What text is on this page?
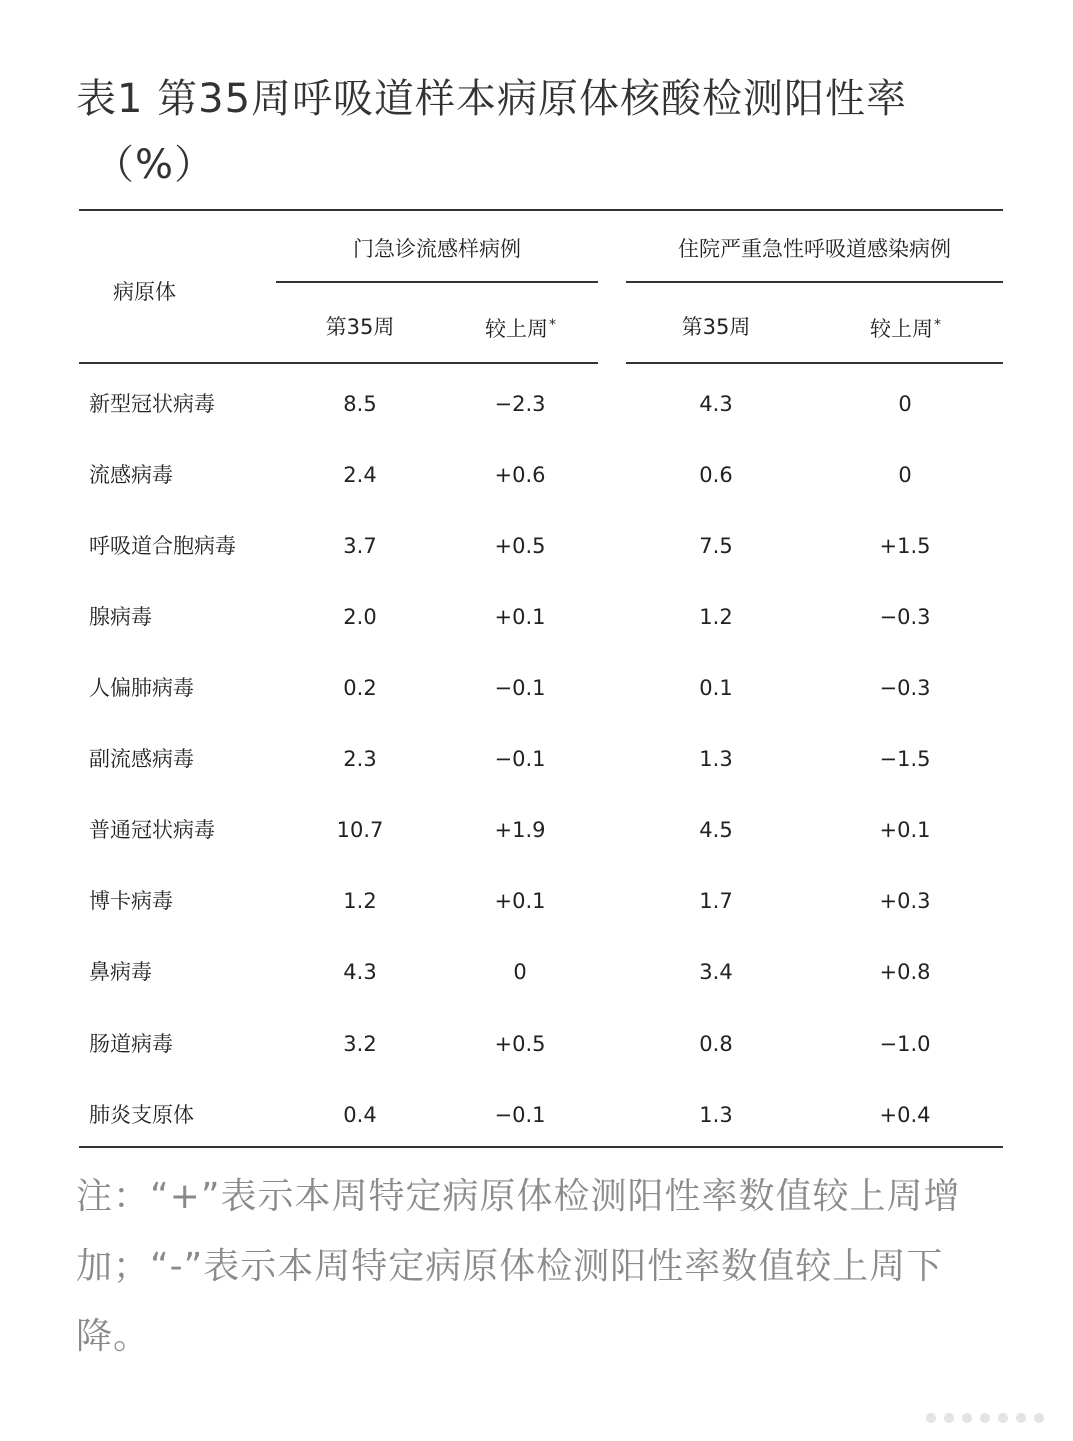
表1 第35周呼吸道样本病原体核酸检测阳性率
（%）
病原体
门急诊流感样病例	住院严重急性呼吸道感染病例
第35周	较上周*	第35周	较上周*
新型冠状病毒	8.5	−2.3	4.3	0
流感病毒	2.4	+0.6	0.6	0
呼吸道合胞病毒	3.7	+0.5	7.5	+1.5
腺病毒	2.0	+0.1	1.2	−0.3
人偏肺病毒	0.2	−0.1	0.1	−0.3
副流感病毒	2.3	−0.1	1.3	−1.5
普通冠状病毒	10.7	+1.9	4.5	+0.1
博卡病毒	1.2	+0.1	1.7	+0.3
鼻病毒	4.3	0	3.4	+0.8
肠道病毒	3.2	+0.5	0.8	−1.0
肺炎支原体	0.4	−0.1	1.3	+0.4

注：“+”表示本周特定病原体检测阳性率数值较上周增加；“-”表示本周特定病原体检测阳性率数值较上周下降。
